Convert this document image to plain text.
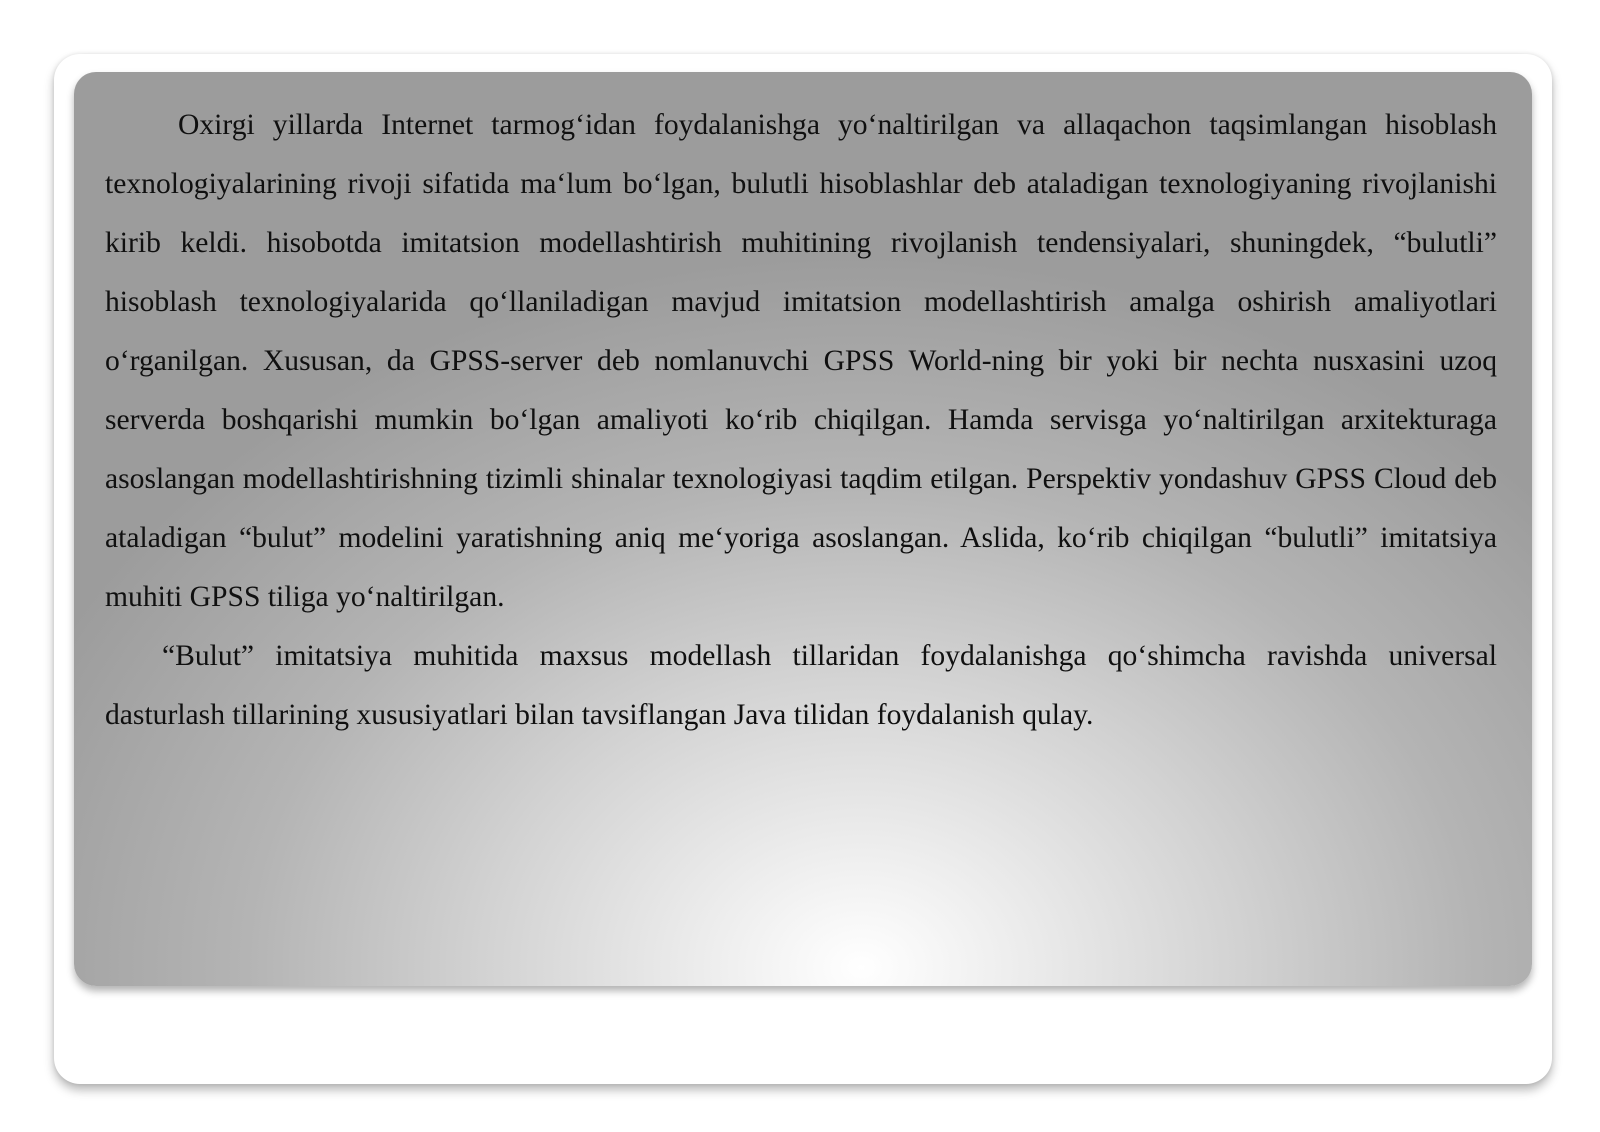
Oxirgi yillarda Internet tarmog‘idan foydalanishga yo‘naltirilgan va allaqachon taqsimlangan hisoblash texnologiyalarining rivoji sifatida ma‘lum bo‘lgan, bulutli hisoblashlar deb ataladigan texnologiyaning rivojlanishi kirib keldi. hisobotda imitatsion modellashtirish muhitining rivojlanish tendensiyalari, shuningdek, “bulutli” hisoblash texnologiyalarida qo‘llaniladigan mavjud imitatsion modellashtirish amalga oshirish amaliyotlari o‘rganilgan. Xususan, da GPSS-server deb nomlanuvchi GPSS World-ning bir yoki bir nechta nusxasini uzoq serverda boshqarishi mumkin bo‘lgan amaliyoti ko‘rib chiqilgan. Hamda servisga yo‘naltirilgan arxitekturaga asoslangan modellashtirishning tizimli shinalar texnologiyasi taqdim etilgan. Perspektiv yondashuv GPSS Cloud deb ataladigan “bulut” modelini yaratishning aniq me‘yoriga asoslangan. Aslida, ko‘rib chiqilgan “bulutli” imitatsiya muhiti GPSS tiliga yo‘naltirilgan.

“Bulut” imitatsiya muhitida maxsus modellash tillaridan foydalanishga qo‘shimcha ravishda universal dasturlash tillarining xususiyatlari bilan tavsiflangan Java tilidan foydalanish qulay.
